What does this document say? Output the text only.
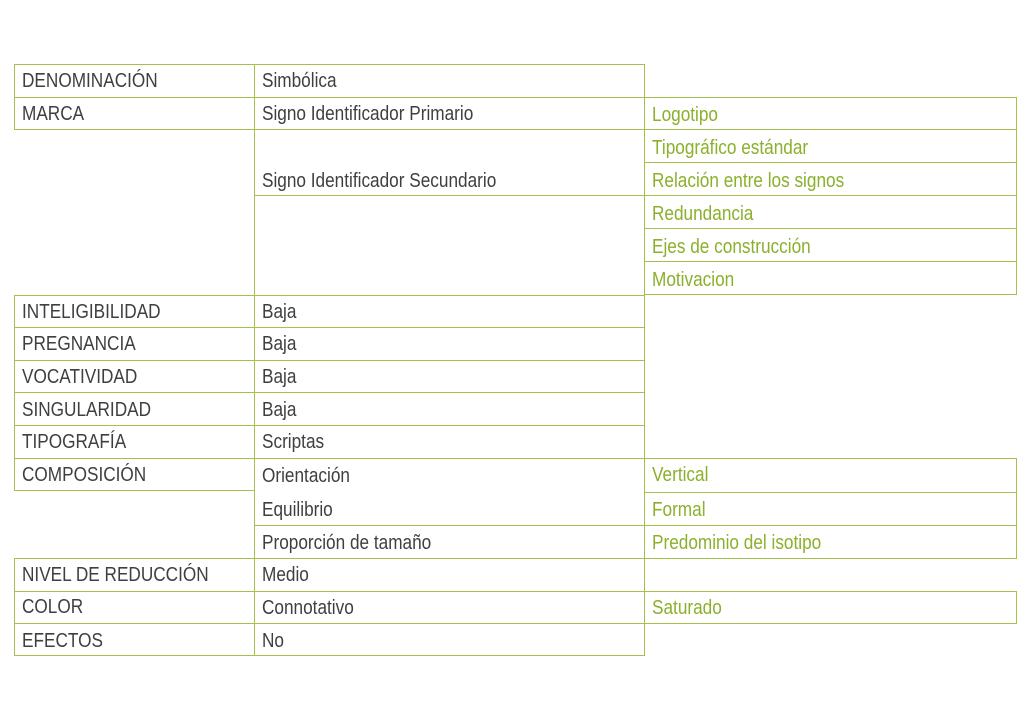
DENOMINACIÓN
MARCA
INTELIGIBILIDAD
PREGNANCIA
VOCATIVIDAD
SINGULARIDAD
TIPOGRAFÍA
COMPOSICIÓN
NIVEL DE REDUCCIÓN
COLOR
EFECTOS
Simbólica
Signo Identificador Primario
Signo Identificador Secundario
Baja
Baja
Baja
Baja
Scriptas
Orientación
Equilibrio
Proporción de tamaño
Medio
Connotativo
No
Logotipo
Tipográfico estándar
Relación entre los signos
Redundancia
Ejes de construcción
Motivacion
Vertical
Formal
Predominio del isotipo
Saturado
